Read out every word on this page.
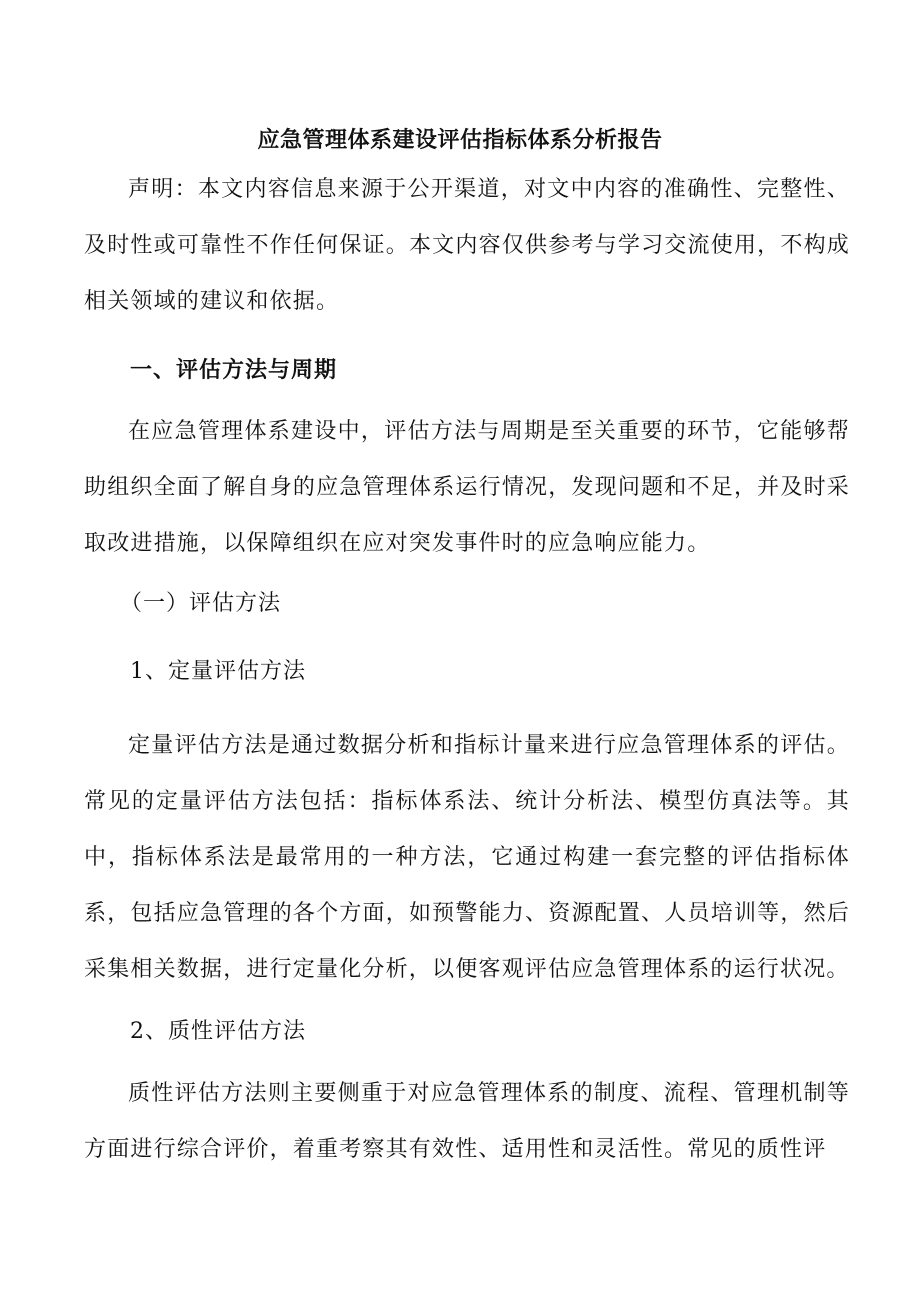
应急管理体系建设评估指标体系分析报告

声明：本文内容信息来源于公开渠道，对文中内容的准确性、完整性、及时性或可靠性不作任何保证。本文内容仅供参考与学习交流使用，不构成相关领域的建议和依据。

一、评估方法与周期

在应急管理体系建设中，评估方法与周期是至关重要的环节，它能够帮助组织全面了解自身的应急管理体系运行情况，发现问题和不足，并及时采取改进措施，以保障组织在应对突发事件时的应急响应能力。

（一）评估方法
1、定量评估方法

定量评估方法是通过数据分析和指标计量来进行应急管理体系的评估。常见的定量评估方法包括：指标体系法、统计分析法、模型仿真法等。其中，指标体系法是最常用的一种方法，它通过构建一套完整的评估指标体系，包括应急管理的各个方面，如预警能力、资源配置、人员培训等，然后采集相关数据，进行定量化分析，以便客观评估应急管理体系的运行状况。

2、质性评估方法

质性评估方法则主要侧重于对应急管理体系的制度、流程、管理机制等方面进行综合评价，着重考察其有效性、适用性和灵活性。常见的质性评
